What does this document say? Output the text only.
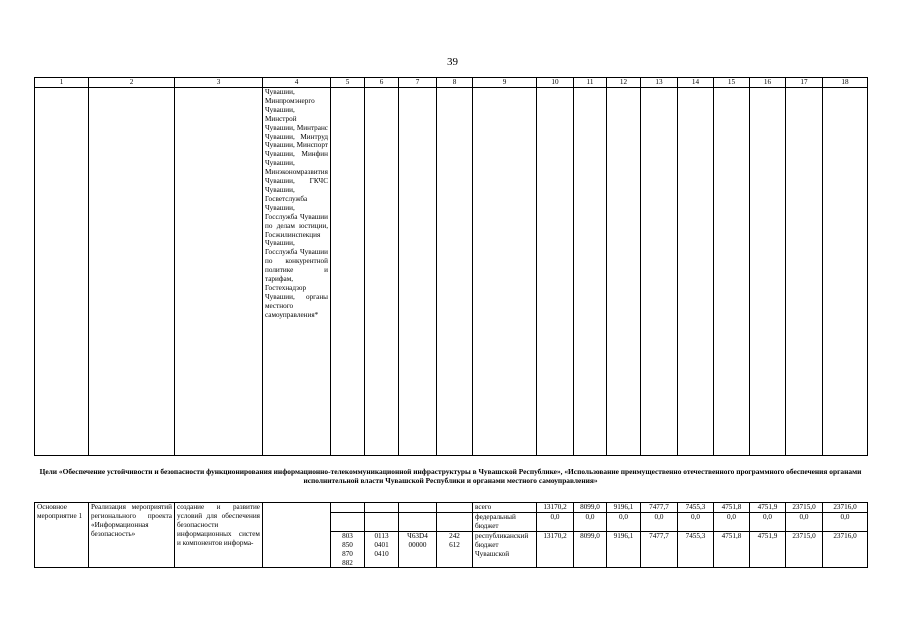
39
1	2	3	4	5	6	7	8	9	10	11	12	13	14	15	16	17	18
			Чувашии, Минпромэнерго Чувашии, Минстрой Чувашии, Минтранс Чувашии, Минтруд Чувашии, Минспорт Чувашии, Минфин Чувашии, Минэкономразвития Чувашии, ГКЧС Чувашии, Госветслужба Чувашии, Госслужба Чувашии по делам юстиции, Госжилинспекция Чувашии, Госслужба Чувашии по конкурентной политике и тарифам, Гостехнадзор Чувашии, органы местного самоуправления*														
Цели «Обеспечение устойчивости и безопасности функционирования информационно-телекоммуникационной инфраструктуры в Чувашской Республике», «Использование преимущественно отечественного программного обеспечения органами исполнительной власти Чувашской Республики и органами местного самоуправления»
Основное мероприятие 1	Реализация мероприятий регионального проекта «Информационная безопасность»	создание и развитие условий для обеспечения безопасности информационных систем и компонентов информа-						всего	13170,2	8099,0	9196,1	7477,7	7455,3	4751,8	4751,9	23715,0	23716,0
								федеральный бюджет	0,0	0,0	0,0	0,0	0,0	0,0	0,0	0,0	0,0

				803
850
870
882	0113
0401
0410	Ч63D4 00000	242
612	республиканский бюджет Чувашской	13170,2	8099,0	9196,1	7477,7	7455,3	4751,8	4751,9	23715,0	23716,0
